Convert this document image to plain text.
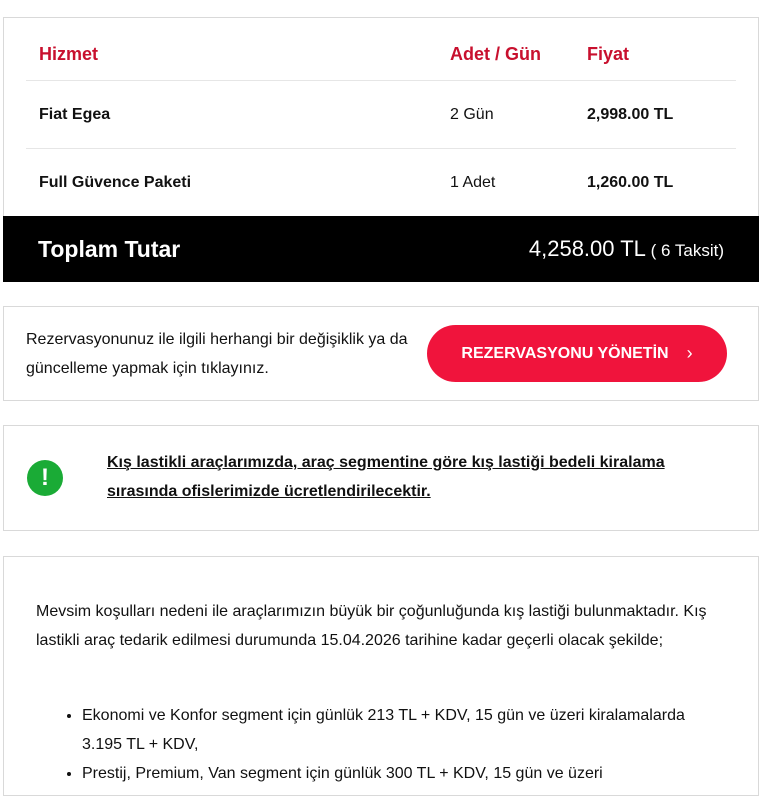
Hizmet	Adet / Gün	Fiyat
Fiat Egea	2 Gün	2,998.00 TL
Full Güvence Paketi	1 Adet	1,260.00 TL
Toplam Tutar	4,258.00 TL ( 6 Taksit)
Rezervasyonunuz ile ilgili herhangi bir değişiklik ya da güncelleme yapmak için tıklayınız.
REZERVASYONU YÖNETİN ›
!
Kış lastikli araçlarımızda, araç segmentine göre kış lastiği bedeli kiralama sırasında ofislerimizde ücretlendirilecektir.

Mevsim koşulları nedeni ile araçlarımızın büyük bir çoğunluğunda kış lastiği bulunmaktadır. Kış lastikli araç tedarik edilmesi durumunda 15.04.2026 tarihine kadar geçerli olacak şekilde;

• Ekonomi ve Konfor segment için günlük 213 TL + KDV, 15 gün ve üzeri kiralamalarda 3.195 TL + KDV,
• Prestij, Premium, Van segment için günlük 300 TL + KDV, 15 gün ve üzeri
